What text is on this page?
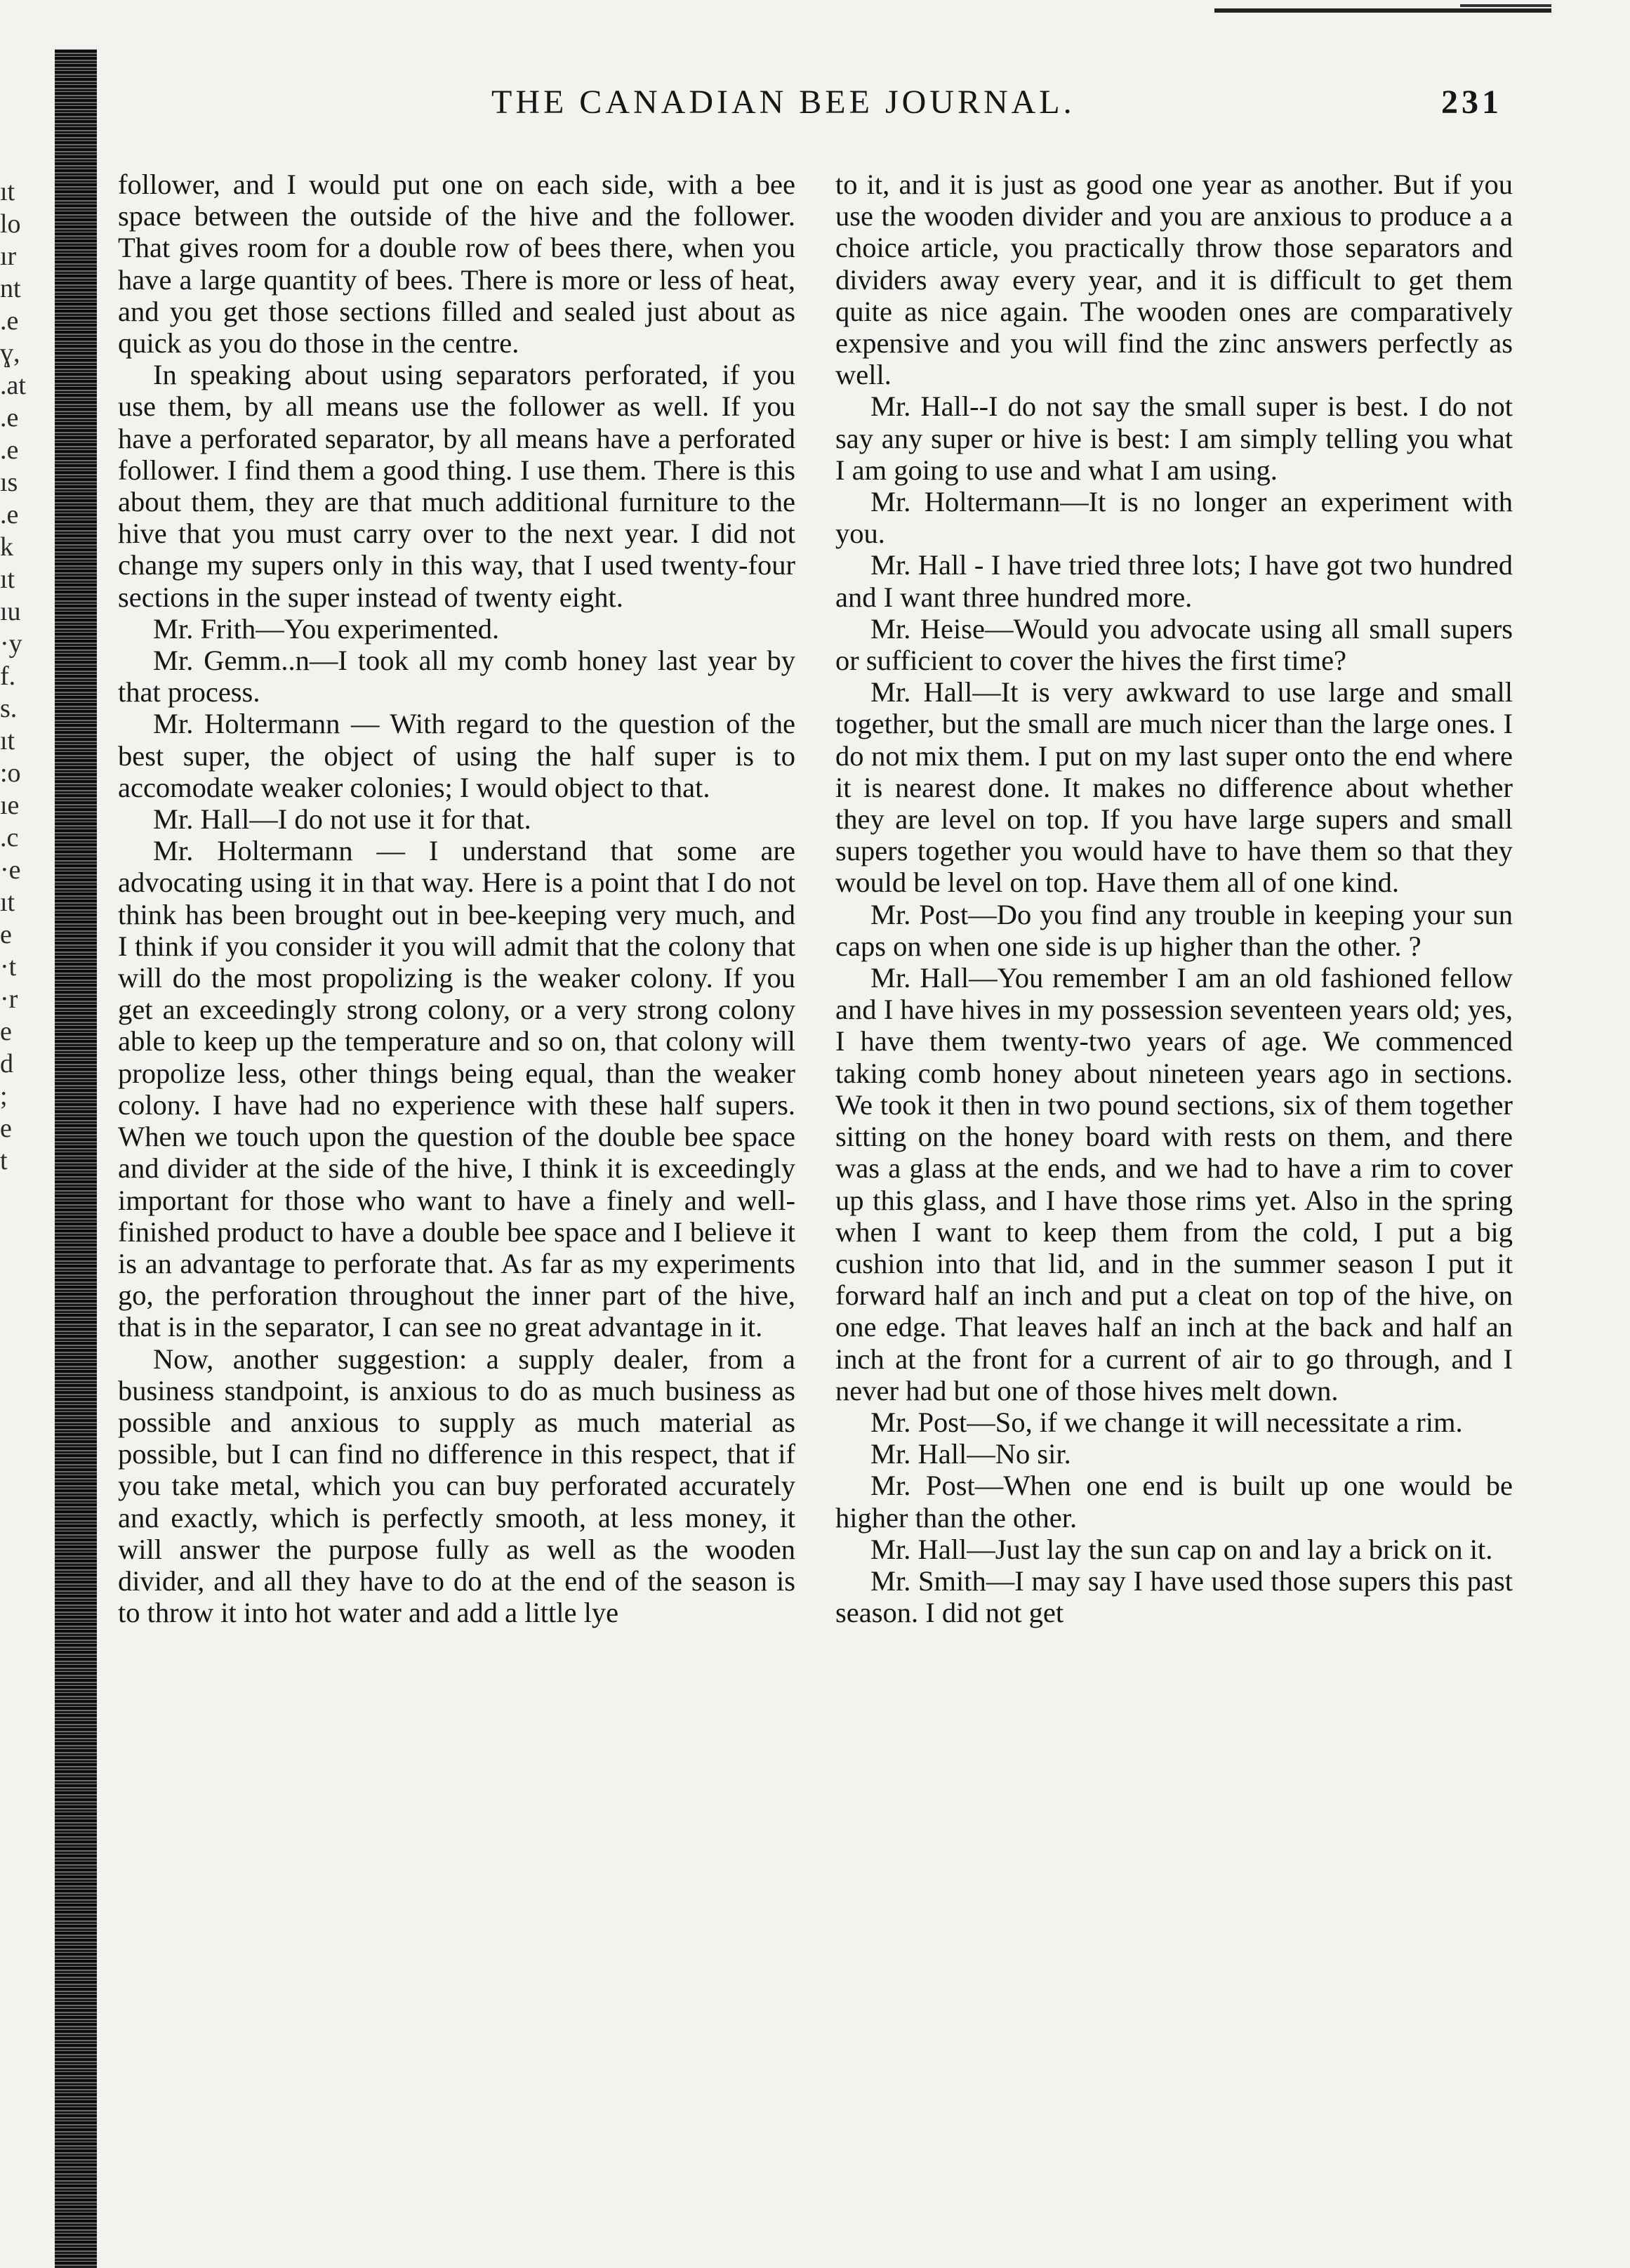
ıt
lo
ır
nt
.e
ɣ,
.at
.e
.e
ıs
.e
k
ıt
ıu
·y
f.
s.
ıt
:o
ıe
.c
·e
ıt
e
·t
·r
e
d
;
e
t
THE CANADIAN BEE JOURNAL.	231

follower, and I would put one on each side, with a bee space between the outside of the hive and the follower. That gives room for a double row of bees there, when you have a large quantity of bees. There is more or less of heat, and you get those sections filled and sealed just about as quick as you do those in the centre.

In speaking about using separators perforated, if you use them, by all means use the follower as well. If you have a perforated separator, by all means have a perforated follower. I find them a good thing. I use them. There is this about them, they are that much additional furniture to the hive that you must carry over to the next year. I did not change my supers only in this way, that I used twenty-four sections in the super instead of twenty eight.

Mr. Frith—You experimented.

Mr. Gemm..n—I took all my comb honey last year by that process.

Mr. Holtermann — With regard to the question of the best super, the object of using the half super is to accomodate weaker colonies; I would object to that.

Mr. Hall—I do not use it for that.

Mr. Holtermann — I understand that some are advocating using it in that way. Here is a point that I do not think has been brought out in bee-keeping very much, and I think if you consider it you will admit that the colony that will do the most propolizing is the weaker colony. If you get an exceedingly strong colony, or a very strong colony able to keep up the temperature and so on, that colony will propolize less, other things being equal, than the weaker colony. I have had no experience with these half supers. When we touch upon the question of the double bee space and divider at the side of the hive, I think it is exceedingly important for those who want to have a finely and well-finished product to have a double bee space and I believe it is an advantage to perforate that. As far as my experiments go, the perforation throughout the inner part of the hive, that is in the separator, I can see no great advantage in it.

Now, another suggestion: a supply dealer, from a business standpoint, is anxious to do as much business as possible and anxious to supply as much material as possible, but I can find no difference in this respect, that if you take metal, which you can buy perforated accurately and exactly, which is perfectly smooth, at less money, it will answer the purpose fully as well as the wooden divider, and all they have to do at the end of the season is to throw it into hot water and add a little lye

to it, and it is just as good one year as another. But if you use the wooden divider and you are anxious to produce a a choice article, you practically throw those separators and dividers away every year, and it is difficult to get them quite as nice again. The wooden ones are comparatively expensive and you will find the zinc answers perfectly as well.

Mr. Hall--I do not say the small super is best. I do not say any super or hive is best: I am simply telling you what I am going to use and what I am using.

Mr. Holtermann—It is no longer an experiment with you.

Mr. Hall - I have tried three lots; I have got two hundred and I want three hundred more.

Mr. Heise—Would you advocate using all small supers or sufficient to cover the hives the first time?

Mr. Hall—It is very awkward to use large and small together, but the small are much nicer than the large ones. I do not mix them. I put on my last super onto the end where it is nearest done. It makes no difference about whether they are level on top. If you have large supers and small supers together you would have to have them so that they would be level on top. Have them all of one kind.

Mr. Post—Do you find any trouble in keeping your sun caps on when one side is up higher than the other. ?

Mr. Hall—You remember I am an old fashioned fellow and I have hives in my possession seventeen years old; yes, I have them twenty-two years of age. We commenced taking comb honey about nineteen years ago in sections. We took it then in two pound sections, six of them together sitting on the honey board with rests on them, and there was a glass at the ends, and we had to have a rim to cover up this glass, and I have those rims yet. Also in the spring when I want to keep them from the cold, I put a big cushion into that lid, and in the summer season I put it forward half an inch and put a cleat on top of the hive, on one edge. That leaves half an inch at the back and half an inch at the front for a current of air to go through, and I never had but one of those hives melt down.

Mr. Post—So, if we change it will necessitate a rim.

Mr. Hall—No sir.

Mr. Post—When one end is built up one would be higher than the other.

Mr. Hall—Just lay the sun cap on and lay a brick on it.

Mr. Smith—I may say I have used those supers this past season. I did not get
